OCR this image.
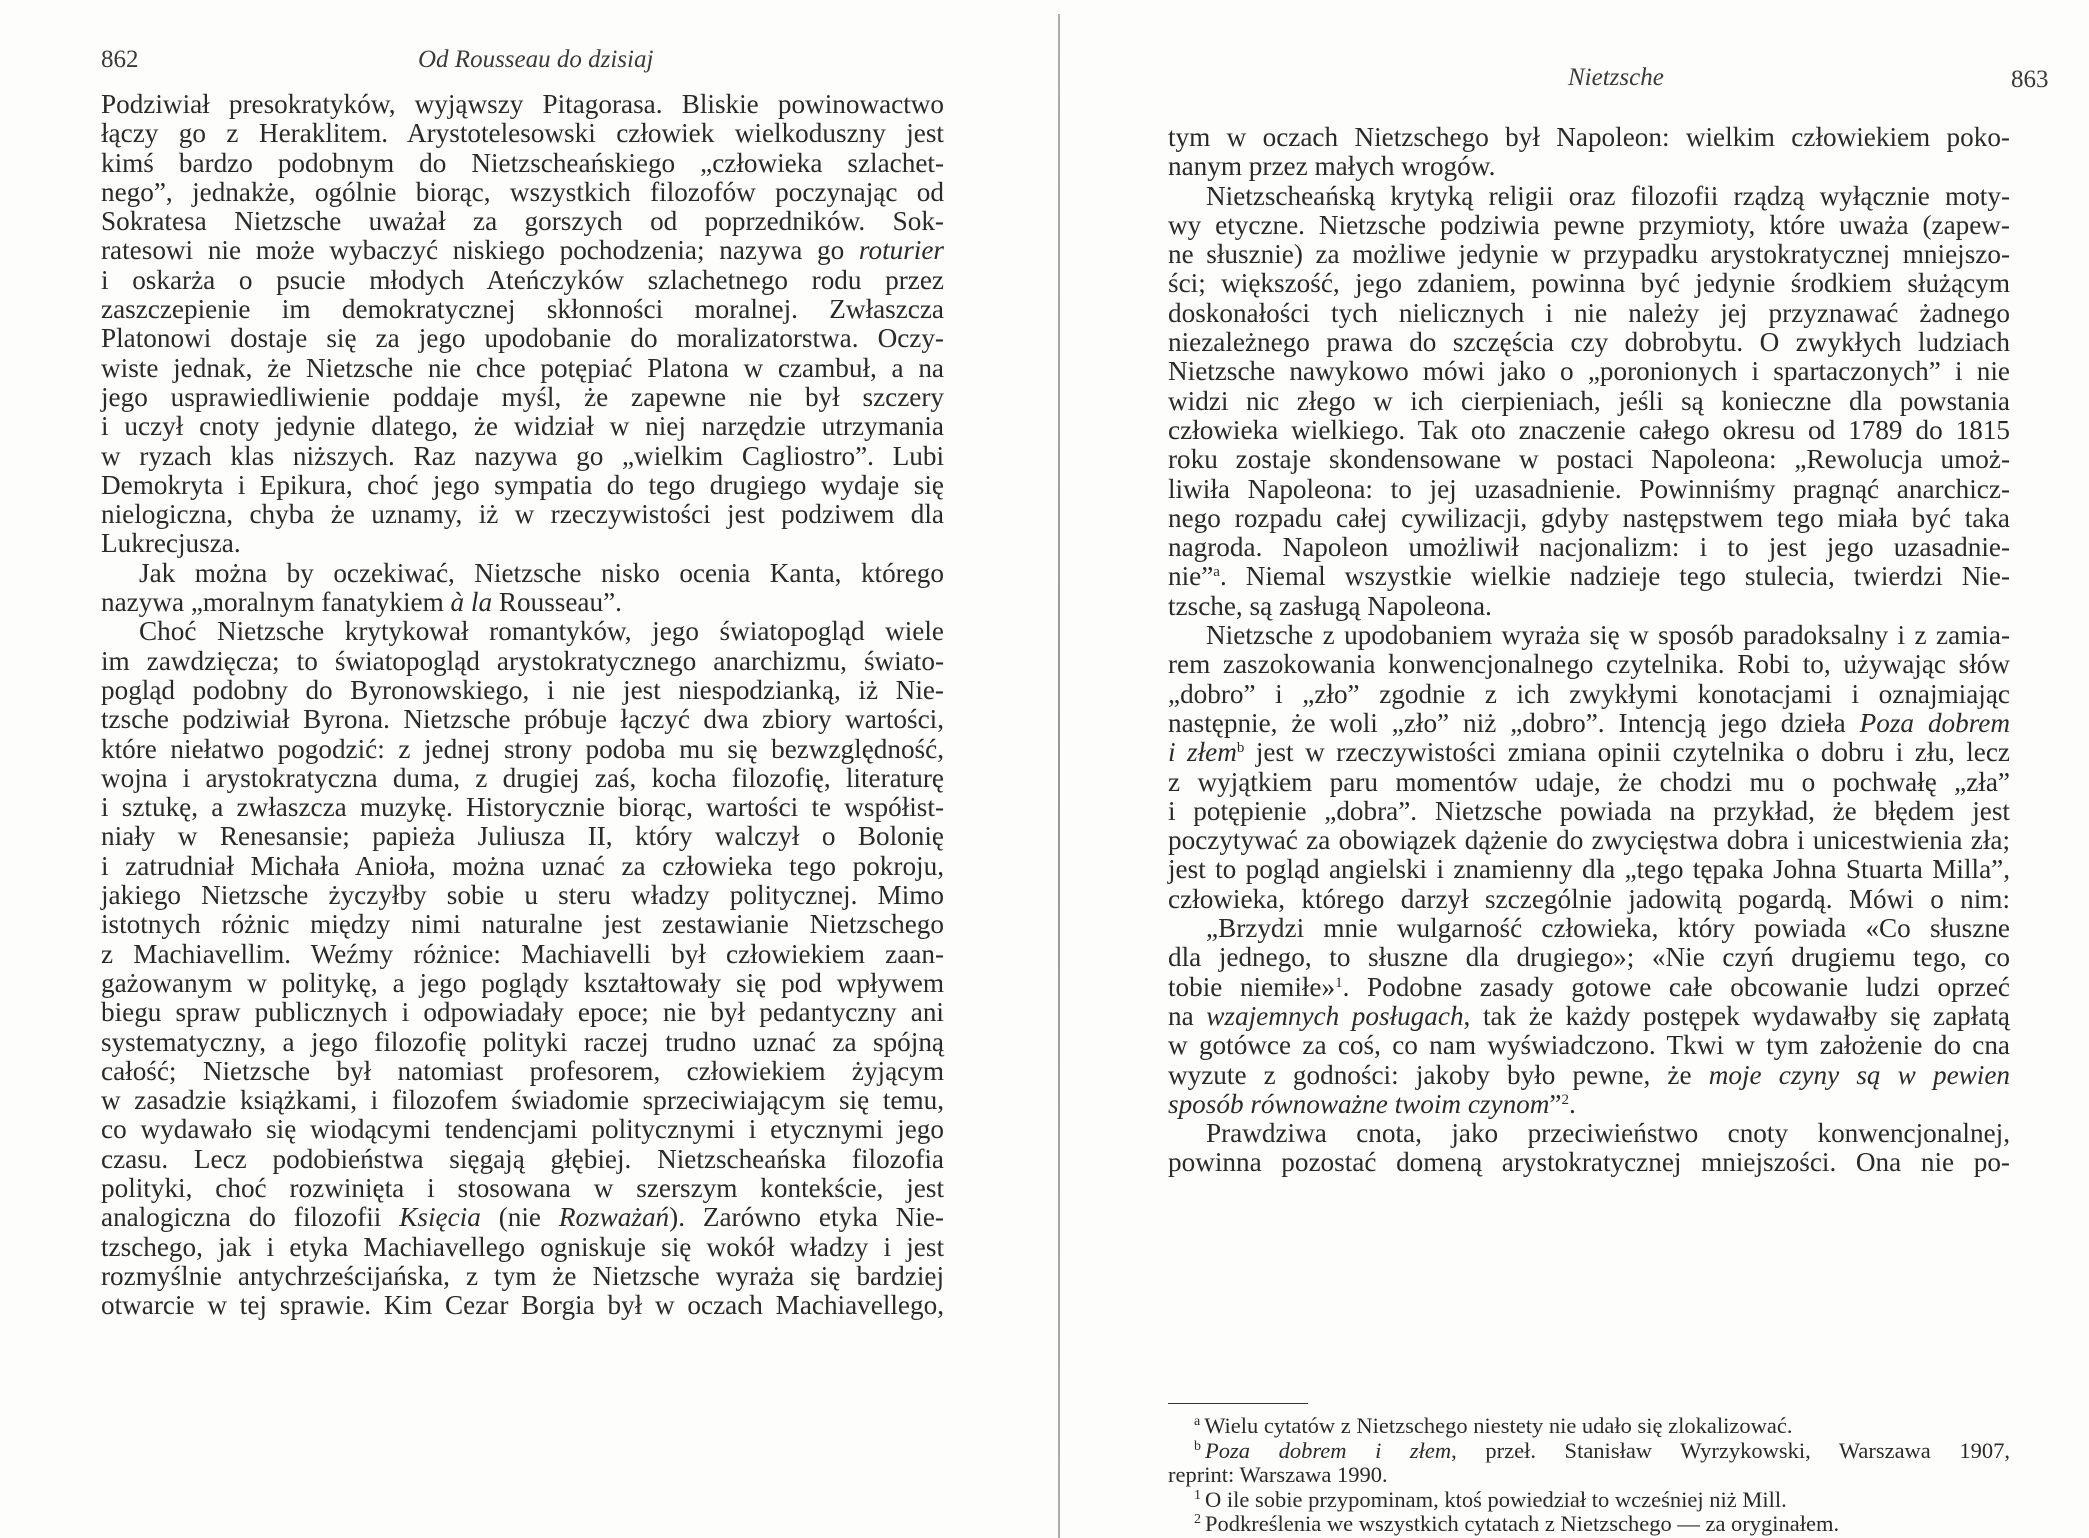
862	Od Rousseau do dzisiaj
Podziwiał presokratyków, wyjąwszy Pitagorasa. Bliskie powinowactwo
łączy go z Heraklitem. Arystotelesowski człowiek wielkoduszny jest
kimś bardzo podobnym do Nietzscheańskiego „człowieka szlachet-
nego”, jednakże, ogólnie biorąc, wszystkich filozofów poczynając od
Sokratesa Nietzsche uważał za gorszych od poprzedników. Sok-
ratesowi nie może wybaczyć niskiego pochodzenia; nazywa go roturier
i oskarża o psucie młodych Ateńczyków szlachetnego rodu przez
zaszczepienie im demokratycznej skłonności moralnej. Zwłaszcza
Platonowi dostaje się za jego upodobanie do moralizatorstwa. Oczy-
wiste jednak, że Nietzsche nie chce potępiać Platona w czambuł, a na
jego usprawiedliwienie poddaje myśl, że zapewne nie był szczery
i uczył cnoty jedynie dlatego, że widział w niej narzędzie utrzymania
w ryzach klas niższych. Raz nazywa go „wielkim Cagliostro”. Lubi
Demokryta i Epikura, choć jego sympatia do tego drugiego wydaje się
nielogiczna, chyba że uznamy, iż w rzeczywistości jest podziwem dla
Lukrecjusza.
Jak można by oczekiwać, Nietzsche nisko ocenia Kanta, którego
nazywa „moralnym fanatykiem à la Rousseau”.
Choć Nietzsche krytykował romantyków, jego światopogląd wiele
im zawdzięcza; to światopogląd arystokratycznego anarchizmu, świato-
pogląd podobny do Byronowskiego, i nie jest niespodzianką, iż Nie-
tzsche podziwiał Byrona. Nietzsche próbuje łączyć dwa zbiory wartości,
które niełatwo pogodzić: z jednej strony podoba mu się bezwzględność,
wojna i arystokratyczna duma, z drugiej zaś, kocha filozofię, literaturę
i sztukę, a zwłaszcza muzykę. Historycznie biorąc, wartości te współist-
niały w Renesansie; papieża Juliusza II, który walczył o Bolonię
i zatrudniał Michała Anioła, można uznać za człowieka tego pokroju,
jakiego Nietzsche życzyłby sobie u steru władzy politycznej. Mimo
istotnych różnic między nimi naturalne jest zestawianie Nietzschego
z Machiavellim. Weźmy różnice: Machiavelli był człowiekiem zaan-
gażowanym w politykę, a jego poglądy kształtowały się pod wpływem
biegu spraw publicznych i odpowiadały epoce; nie był pedantyczny ani
systematyczny, a jego filozofię polityki raczej trudno uznać za spójną
całość; Nietzsche był natomiast profesorem, człowiekiem żyjącym
w zasadzie książkami, i filozofem świadomie sprzeciwiającym się temu,
co wydawało się wiodącymi tendencjami politycznymi i etycznymi jego
czasu. Lecz podobieństwa sięgają głębiej. Nietzscheańska filozofia
polityki, choć rozwinięta i stosowana w szerszym kontekście, jest
analogiczna do filozofii Księcia (nie Rozważań). Zarówno etyka Nie-
tzschego, jak i etyka Machiavellego ogniskuje się wokół władzy i jest
rozmyślnie antychrześcijańska, z tym że Nietzsche wyraża się bardziej
otwarcie w tej sprawie. Kim Cezar Borgia był w oczach Machiavellego,
Nietzsche	863
tym w oczach Nietzschego był Napoleon: wielkim człowiekiem poko-
nanym przez małych wrogów.
Nietzscheańską krytyką religii oraz filozofii rządzą wyłącznie moty-
wy etyczne. Nietzsche podziwia pewne przymioty, które uważa (zapew-
ne słusznie) za możliwe jedynie w przypadku arystokratycznej mniejszo-
ści; większość, jego zdaniem, powinna być jedynie środkiem służącym
doskonałości tych nielicznych i nie należy jej przyznawać żadnego
niezależnego prawa do szczęścia czy dobrobytu. O zwykłych ludziach
Nietzsche nawykowo mówi jako o „poronionych i spartaczonych” i nie
widzi nic złego w ich cierpieniach, jeśli są konieczne dla powstania
człowieka wielkiego. Tak oto znaczenie całego okresu od 1789 do 1815
roku zostaje skondensowane w postaci Napoleona: „Rewolucja umoż-
liwiła Napoleona: to jej uzasadnienie. Powinniśmy pragnąć anarchicz-
nego rozpadu całej cywilizacji, gdyby następstwem tego miała być taka
nagroda. Napoleon umożliwił nacjonalizm: i to jest jego uzasadnie-
nie”$^a$. Niemal wszystkie wielkie nadzieje tego stulecia, twierdzi Nie-
tzsche, są zasługą Napoleona.
Nietzsche z upodobaniem wyraża się w sposób paradoksalny i z zamia-
rem zaszokowania konwencjonalnego czytelnika. Robi to, używając słów
„dobro” i „zło” zgodnie z ich zwykłymi konotacjami i oznajmiając
następnie, że woli „zło” niż „dobro”. Intencją jego dzieła Poza dobrem
i złem$^b$ jest w rzeczywistości zmiana opinii czytelnika o dobru i złu, lecz
z wyjątkiem paru momentów udaje, że chodzi mu o pochwałę „zła”
i potępienie „dobra”. Nietzsche powiada na przykład, że błędem jest
poczytywać za obowiązek dążenie do zwycięstwa dobra i unicestwienia zła;
jest to pogląd angielski i znamienny dla „tego tępaka Johna Stuarta Milla”,
człowieka, którego darzył szczególnie jadowitą pogardą. Mówi o nim:
„Brzydzi mnie wulgarność człowieka, który powiada «Co słuszne
dla jednego, to słuszne dla drugiego»; «Nie czyń drugiemu tego, co
tobie niemiłe»$^1$. Podobne zasady gotowe całe obcowanie ludzi oprzeć
na wzajemnych posługach, tak że każdy postępek wydawałby się zapłatą
w gotówce za coś, co nam wyświadczono. Tkwi w tym założenie do cna
wyzute z godności: jakoby było pewne, że moje czyny są w pewien
sposób równoważne twoim czynom”$^2$.
Prawdziwa cnota, jako przeciwieństwo cnoty konwencjonalnej,
powinna pozostać domeną arystokratycznej mniejszości. Ona nie po-
$^a$ Wielu cytatów z Nietzschego niestety nie udało się zlokalizować.
$^b$ Poza dobrem i złem, przeł. Stanisław Wyrzykowski, Warszawa 1907,
reprint: Warszawa 1990.
$^1$ O ile sobie przypominam, ktoś powiedział to wcześniej niż Mill.
$^2$ Podkreślenia we wszystkich cytatach z Nietzschego — za oryginałem.
